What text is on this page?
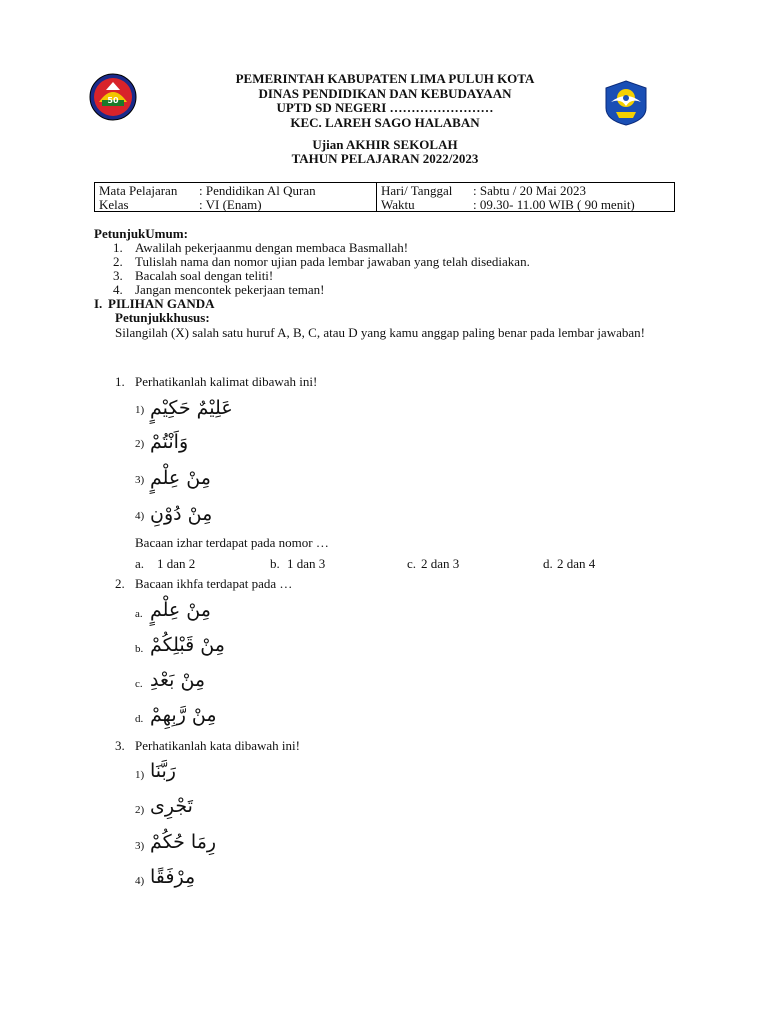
50
PEMERINTAH KABUPATEN LIMA PULUH KOTA
DINAS PENDIDIKAN DAN KEBUDAYAAN
UPTD SD NEGERI ……………………
KEC. LAREH SAGO HALABAN
Ujian AKHIR SEKOLAH
TAHUN PELAJARAN 2022/2023
Mata Pelajaran	: Pendidikan Al Quran
Kelas	: VI (Enam)
Hari/ Tanggal	: Sabtu / 20 Mai 2023
Waktu	: 09.30- 11.00 WIB ( 90 menit)
PetunjukUmum:
1. Awalilah pekerjaanmu dengan membaca Basmallah!
2. Tulislah nama dan nomor ujian pada lembar jawaban yang telah disediakan.
3. Bacalah soal dengan teliti!
4. Jangan mencontek pekerjaan teman!
I. PILIHAN GANDA
Petunjukkhusus:
Silangilah (X) salah satu huruf A, B, C, atau D yang kamu anggap paling benar pada lembar jawaban!
1. Perhatikanlah kalimat dibawah ini!
1) عَلِيْمٌ حَكِيْمٍ
2) وَاَنْتُمْ
3) مِنْ عِلْمٍ
4) مِنْ دُوْنِ
Bacaan izhar terdapat pada nomor …
a. 1 dan 2	b. 1 dan 3	c. 2 dan 3	d. 2 dan 4
2. Bacaan ikhfa terdapat pada …
a. مِنْ عِلْمٍ
b. مِنْ قَبْلِكُمْ
c. مِنْ بَعْدِ
d. مِنْ رَّبِهِمْ
3. Perhatikanlah kata dibawah ini!
1) رَبَّنَا
2) تَجْرِى
3) رِمَا حُكُمْ
4) مِرْفَقًا
